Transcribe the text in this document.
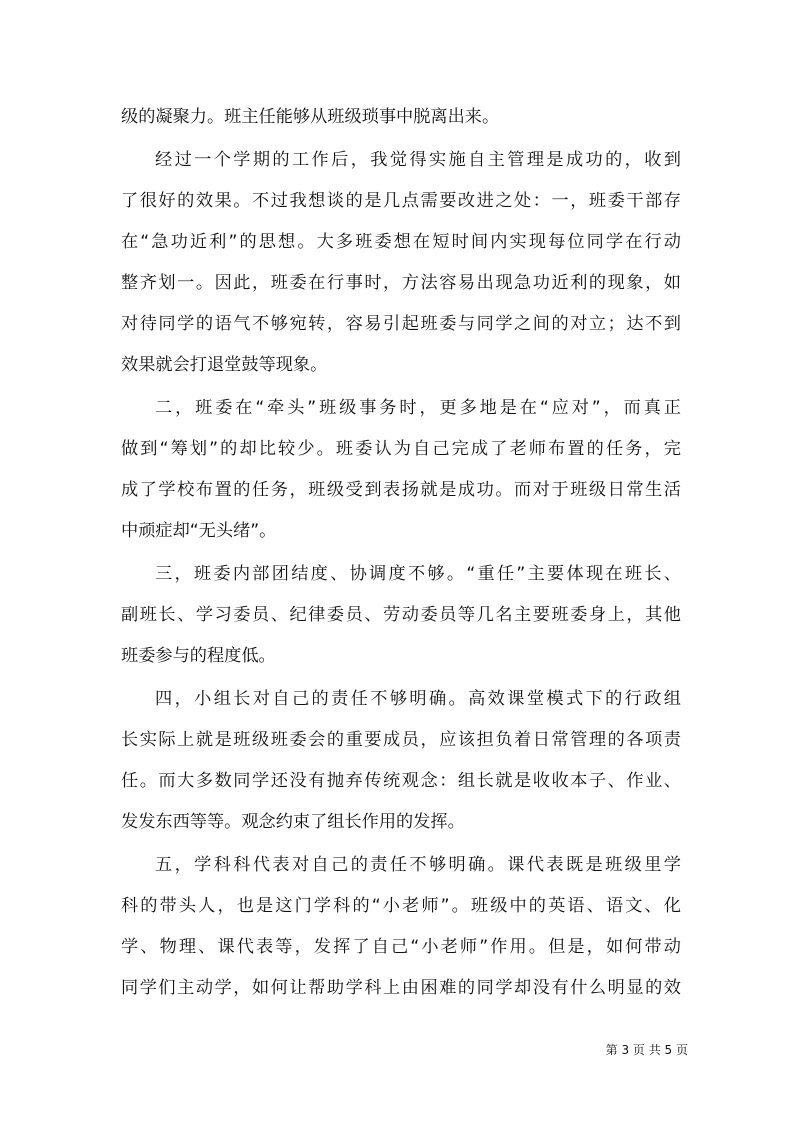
级的凝聚力。班主任能够从班级琐事中脱离出来。
经过一个学期的工作后，我觉得实施自主管理是成功的，收到
了很好的效果。不过我想谈的是几点需要改进之处：一，班委干部存
在“急功近利”的思想。大多班委想在短时间内实现每位同学在行动
整齐划一。因此，班委在行事时，方法容易出现急功近利的现象，如
对待同学的语气不够宛转，容易引起班委与同学之间的对立；达不到
效果就会打退堂鼓等现象。
二，班委在“牵头”班级事务时，更多地是在“应对”，而真正
做到“筹划”的却比较少。班委认为自己完成了老师布置的任务，完
成了学校布置的任务，班级受到表扬就是成功。而对于班级日常生活
中顽症却“无头绪”。
三，班委内部团结度、协调度不够。“重任”主要体现在班长、
副班长、学习委员、纪律委员、劳动委员等几名主要班委身上，其他
班委参与的程度低。
四，小组长对自己的责任不够明确。高效课堂模式下的行政组
长实际上就是班级班委会的重要成员，应该担负着日常管理的各项责
任。而大多数同学还没有抛弃传统观念：组长就是收收本子、作业、
发发东西等等。观念约束了组长作用的发挥。
五，学科科代表对自己的责任不够明确。课代表既是班级里学
科的带头人，也是这门学科的“小老师”。班级中的英语、语文、化
学、物理、课代表等，发挥了自己“小老师”作用。但是，如何带动
同学们主动学，如何让帮助学科上由困难的同学却没有什么明显的效
第 3 页 共 5 页
